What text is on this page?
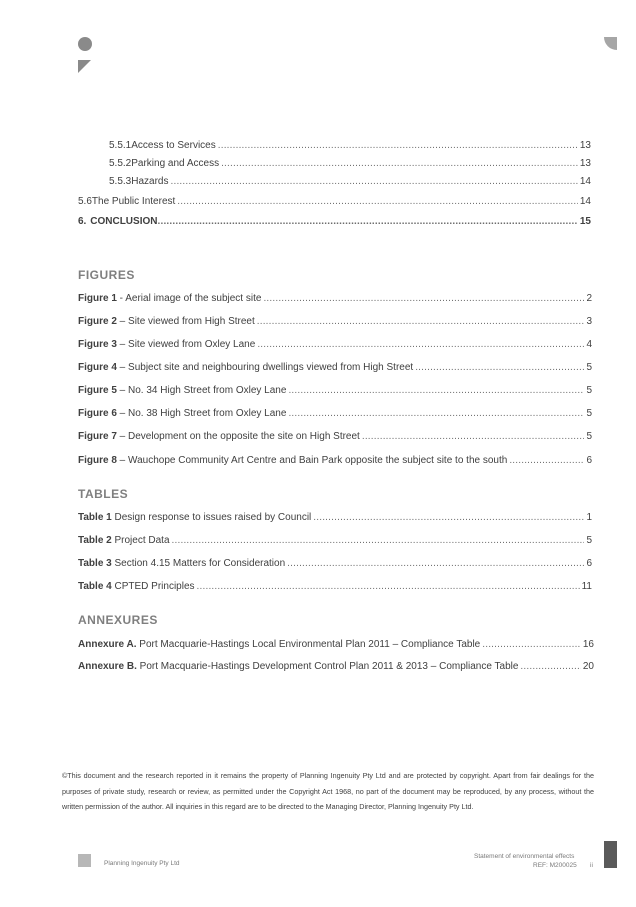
5.5.1 Access to Services .....	13
5.5.2 Parking and Access .....	13
5.5.3 Hazards .....	14
5.6 The Public Interest .....	14
6. CONCLUSION .....	15
FIGURES
Figure 1 - Aerial image of the subject site .....	2
Figure 2 – Site viewed from High Street .....	3
Figure 3 – Site viewed from Oxley Lane .....	4
Figure 4 – Subject site and neighbouring dwellings viewed from High Street .....	5
Figure 5 – No. 34 High Street from Oxley Lane .....	5
Figure 6 – No. 38 High Street from Oxley Lane .....	5
Figure 7 – Development on the opposite the site on High Street .....	5
Figure 8 – Wauchope Community Art Centre and Bain Park opposite the subject site to the south .....	6
TABLES
Table 1 Design response to issues raised by Council .....	1
Table 2 Project Data .....	5
Table 3 Section 4.15 Matters for Consideration .....	6
Table 4 CPTED Principles .....	11
ANNEXURES
Annexure A. Port Macquarie-Hastings Local Environmental Plan 2011 – Compliance Table .....	16
Annexure B. Port Macquarie-Hastings Development Control Plan 2011 & 2013 – Compliance Table .....	20
©This document and the research reported in it remains the property of Planning Ingenuity Pty Ltd and are protected by copyright. Apart from fair dealings for the purposes of private study, research or review, as permitted under the Copyright Act 1968, no part of the document may be reproduced, by any process, without the written permission of the author. All inquiries in this regard are to be directed to the Managing Director, Planning Ingenuity Pty Ltd.
Planning Ingenuity Pty Ltd
Statement of environmental effects
REF: M200025 ii
